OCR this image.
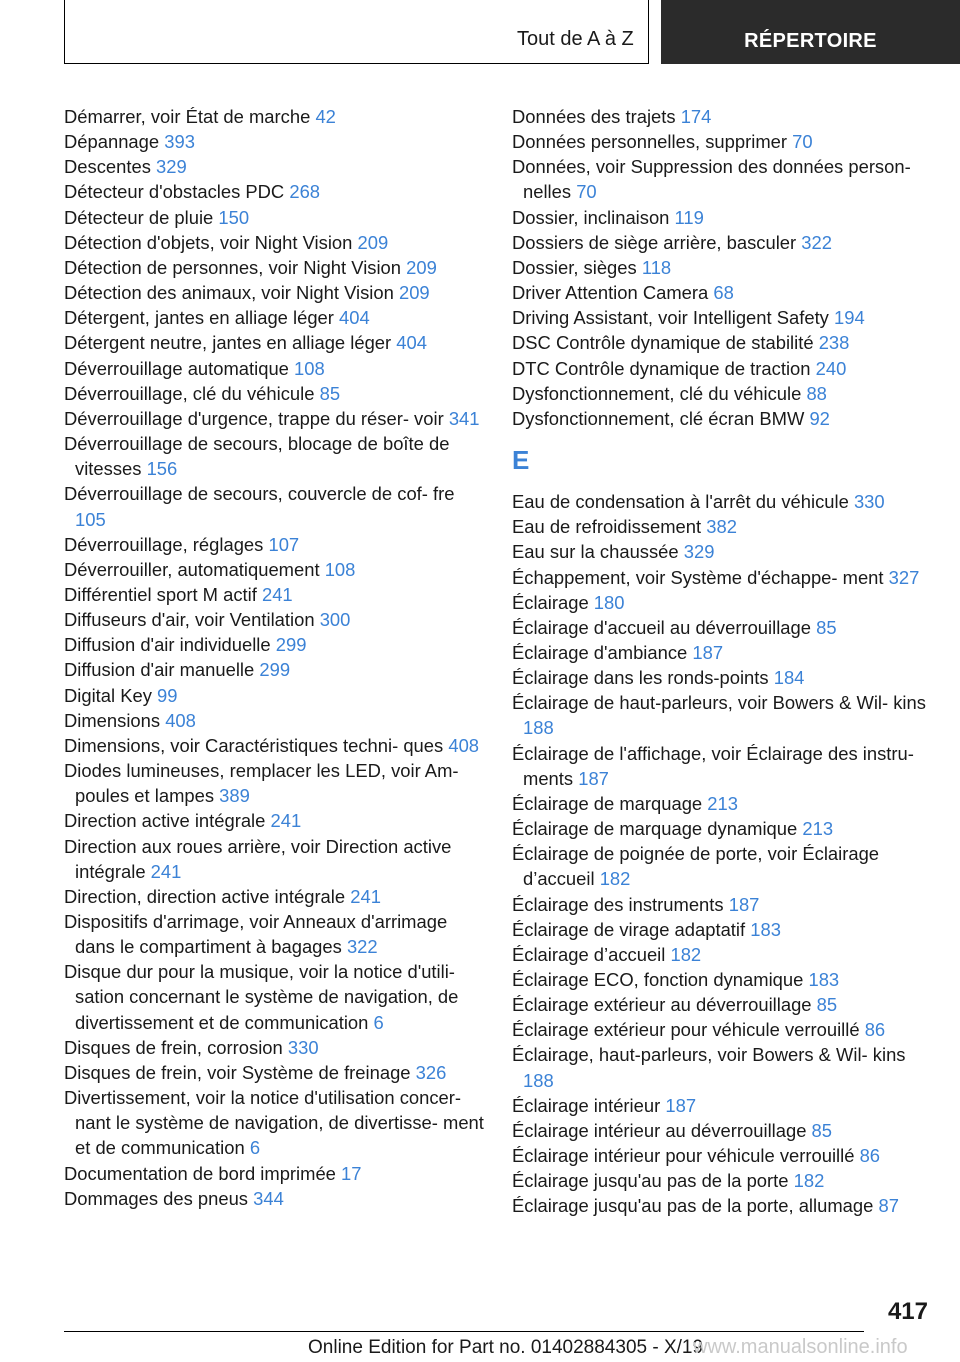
Tout de A à Z	RÉPERTOIRE
Démarrer, voir État de marche 42
Dépannage 393
Descentes 329
Détecteur d'obstacles PDC 268
Détecteur de pluie 150
Détection d'objets, voir Night Vision 209
Détection de personnes, voir Night Vision 209
Détection des animaux, voir Night Vision 209
Détergent, jantes en alliage léger 404
Détergent neutre, jantes en alliage léger 404
Déverrouillage automatique 108
Déverrouillage, clé du véhicule 85
Déverrouillage d'urgence, trappe du réser‐ voir 341
Déverrouillage de secours, blocage de boîte de vitesses 156
Déverrouillage de secours, couvercle de cof‐ fre 105
Déverrouillage, réglages 107
Déverrouiller, automatiquement 108
Différentiel sport M actif 241
Diffuseurs d'air, voir Ventilation 300
Diffusion d'air individuelle 299
Diffusion d'air manuelle 299
Digital Key 99
Dimensions 408
Dimensions, voir Caractéristiques techni‐ ques 408
Diodes lumineuses, remplacer les LED, voir Am‐ poules et lampes 389
Direction active intégrale 241
Direction aux roues arrière, voir Direction active intégrale 241
Direction, direction active intégrale 241
Dispositifs d'arrimage, voir Anneaux d'arrimage dans le compartiment à bagages 322
Disque dur pour la musique, voir la notice d'utili‐ sation concernant le système de navigation, de divertissement et de communication 6
Disques de frein, corrosion 330
Disques de frein, voir Système de freinage 326
Divertissement, voir la notice d'utilisation concer‐ nant le système de navigation, de divertisse‐ ment et de communication 6
Documentation de bord imprimée 17
Dommages des pneus 344
Données des trajets 174
Données personnelles, supprimer 70
Données, voir Suppression des données person‐ nelles 70
Dossier, inclinaison 119
Dossiers de siège arrière, basculer 322
Dossier, sièges 118
Driver Attention Camera 68
Driving Assistant, voir Intelligent Safety 194
DSC Contrôle dynamique de stabilité 238
DTC Contrôle dynamique de traction 240
Dysfonctionnement, clé du véhicule 88
Dysfonctionnement, clé écran BMW 92
E
Eau de condensation à l'arrêt du véhicule 330
Eau de refroidissement 382
Eau sur la chaussée 329
Échappement, voir Système d'échappe‐ ment 327
Éclairage 180
Éclairage d'accueil au déverrouillage 85
Éclairage d'ambiance 187
Éclairage dans les ronds-points 184
Éclairage de haut-parleurs, voir Bowers & Wil‐ kins 188
Éclairage de l'affichage, voir Éclairage des instru‐ ments 187
Éclairage de marquage 213
Éclairage de marquage dynamique 213
Éclairage de poignée de porte, voir Éclairage d’accueil 182
Éclairage des instruments 187
Éclairage de virage adaptatif 183
Éclairage d’accueil 182
Éclairage ECO, fonction dynamique 183
Éclairage extérieur au déverrouillage 85
Éclairage extérieur pour véhicule verrouillé 86
Éclairage, haut-parleurs, voir Bowers & Wil‐ kins 188
Éclairage intérieur 187
Éclairage intérieur au déverrouillage 85
Éclairage intérieur pour véhicule verrouillé 86
Éclairage jusqu'au pas de la porte 182
Éclairage jusqu'au pas de la porte, allumage 87
417
Online Edition for Part no. 01402884305 - X/19
www.manualsonline.info
